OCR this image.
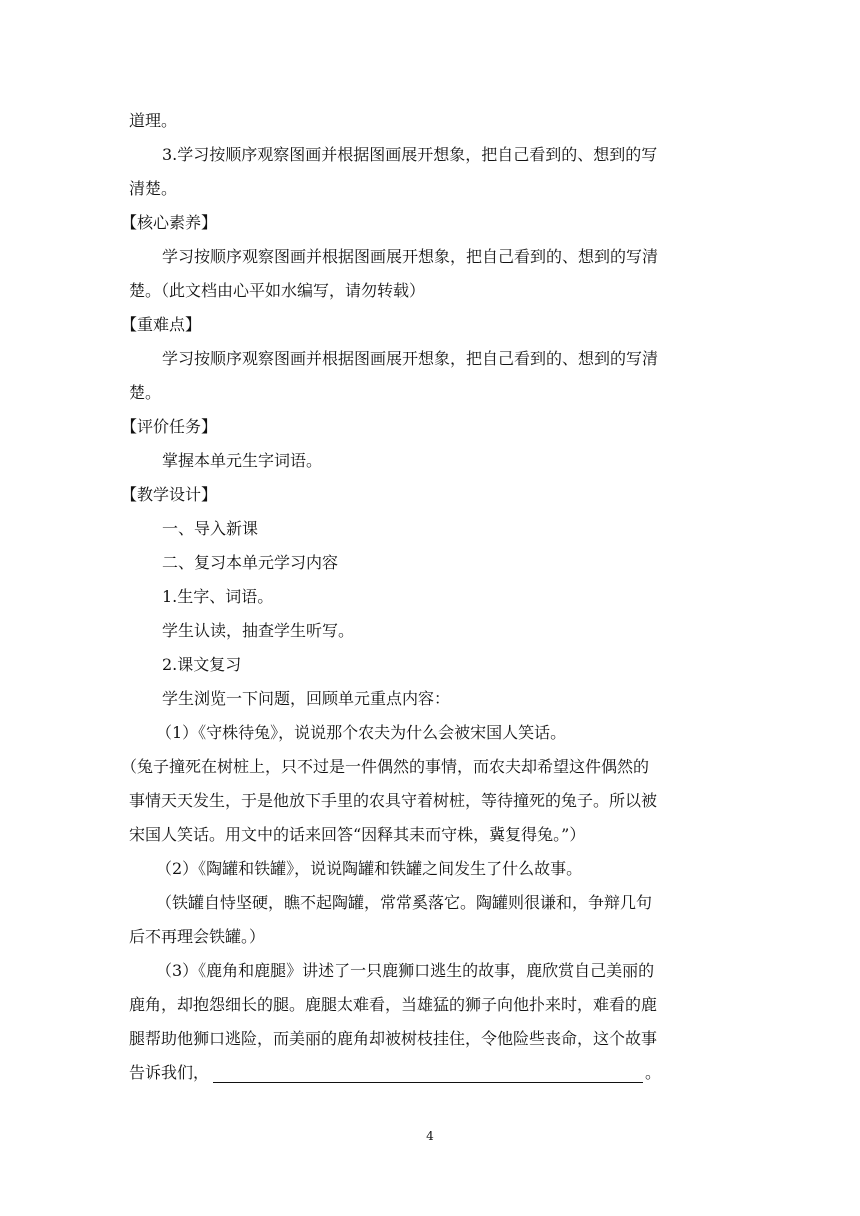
道理。

3.学习按顺序观察图画并根据图画展开想象，把自己看到的、想到的写

清楚。

【核心素养】

学习按顺序观察图画并根据图画展开想象，把自己看到的、想到的写清

楚。（此文档由心平如水编写，请勿转载）

【重难点】

学习按顺序观察图画并根据图画展开想象，把自己看到的、想到的写清

楚。

【评价任务】

掌握本单元生字词语。

【教学设计】

一、导入新课

二、复习本单元学习内容

1.生字、词语。

学生认读，抽查学生听写。

2.课文复习

学生浏览一下问题，回顾单元重点内容：

（1）《守株待兔》，说说那个农夫为什么会被宋国人笑话。

（兔子撞死在树桩上，只不过是一件偶然的事情，而农夫却希望这件偶然的

事情天天发生，于是他放下手里的农具守着树桩，等待撞死的兔子。所以被

宋国人笑话。用文中的话来回答“因释其耒而守株，冀复得兔。”）

（2）《陶罐和铁罐》，说说陶罐和铁罐之间发生了什么故事。

（铁罐自恃坚硬，瞧不起陶罐，常常奚落它。陶罐则很谦和，争辩几句

后不再理会铁罐。）

（3）《鹿角和鹿腿》讲述了一只鹿狮口逃生的故事，鹿欣赏自己美丽的

鹿角，却抱怨细长的腿。鹿腿太难看，当雄猛的狮子向他扑来时，难看的鹿

腿帮助他狮口逃险，而美丽的鹿角却被树枝挂住，令他险些丧命，这个故事

告诉我们，	。

4
